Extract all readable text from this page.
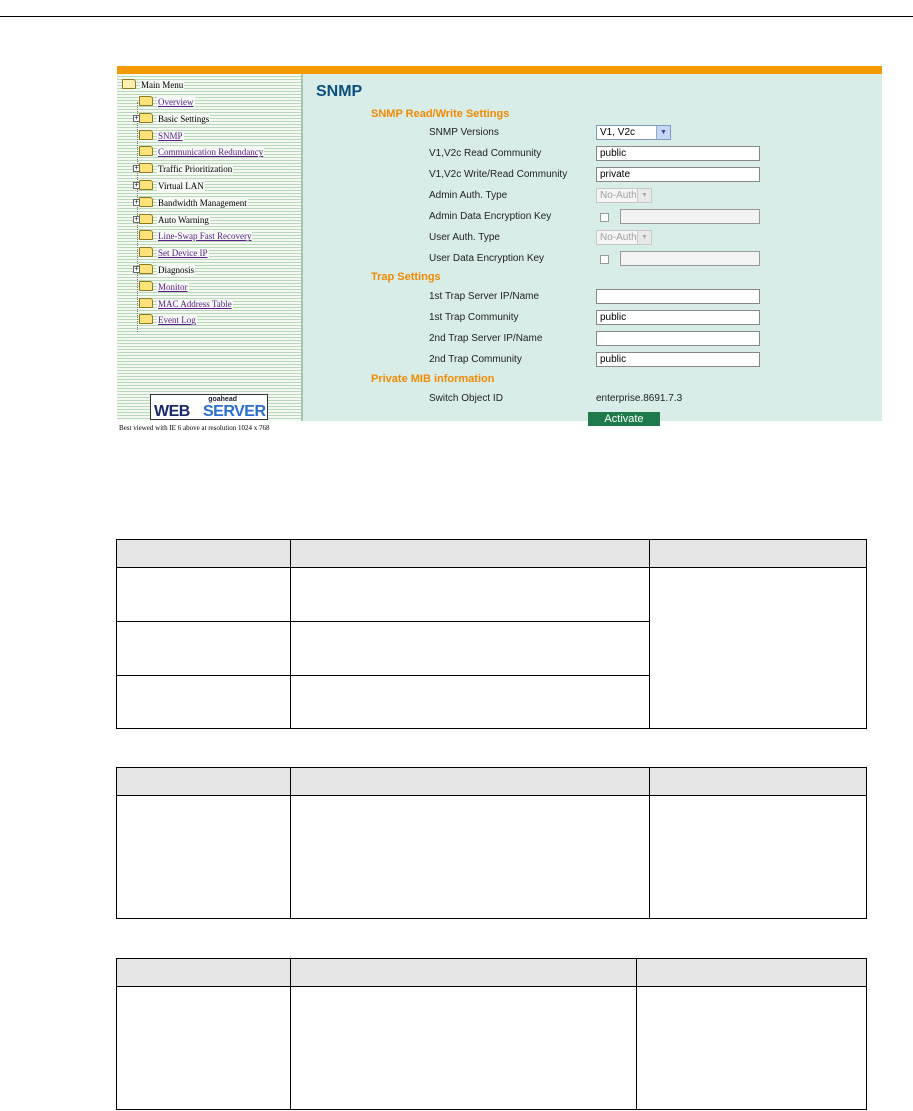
Main Menu
Overview
Basic Settings
+
SNMP
Communication Redundancy
Traffic Prioritization
+
Virtual LAN
+
Bandwidth Management
+
Auto Warning
+
Line-Swap Fast Recovery
Set Device IP
Diagnosis
+
Monitor
MAC Address Table
Event Log
goahead
WEB SERVER
Best viewed with IE 6 above at resolution 1024 x 768
SNMP
SNMP Read/Write Settings
SNMP Versions	V1, V2c	▼
V1,V2c Read Community	public
V1,V2c Write/Read Community	private
Admin Auth. Type	No-Auth ▼
Admin Data Encryption Key
User Auth. Type	No-Auth ▼
User Data Encryption Key
Trap Settings
1st Trap Server IP/Name
1st Trap Community	public
2nd Trap Server IP/Name
2nd Trap Community	public
Private MIB information
Switch Object ID	enterprise.8691.7.3
Activate
